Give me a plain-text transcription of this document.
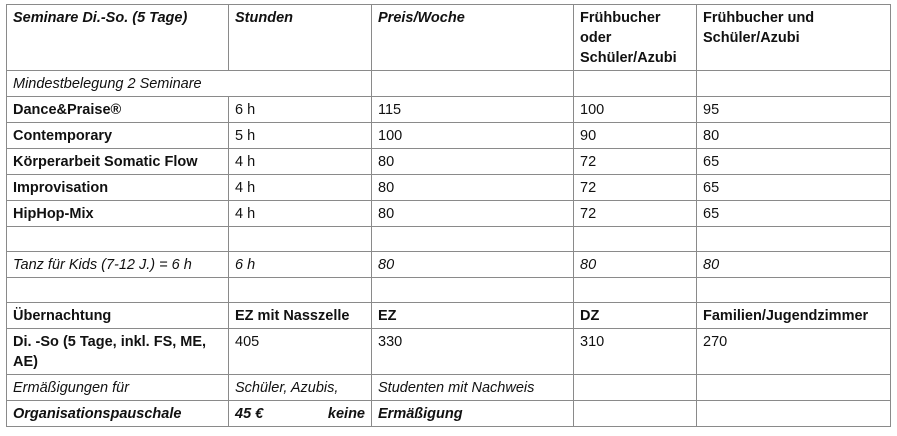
Seminare Di.-So. (5 Tage)	Stunden	Preis/Woche	Frühbucher oder Schüler/Azubi	Frühbucher und Schüler/Azubi
Mindestbelegung 2 Seminare				
Dance&Praise®	6 h	115	100	95
Contemporary	5 h	100	90	80
Körperarbeit Somatic Flow	4 h	80	72	65
Improvisation	4 h	80	72	65
HipHop-Mix	4 h	80	72	65

Tanz für Kids (7-12 J.) = 6 h	6 h	80	80	80

Übernachtung	EZ mit Nasszelle	EZ	DZ	Familien/Jugendzimmer
Di. -So (5 Tage, inkl. FS, ME, AE)	405	330	310	270
Ermäßigungen für	Schüler, Azubis,	Studenten mit Nachweis		
Organisationspauschale	45 € keine	Ermäßigung		
